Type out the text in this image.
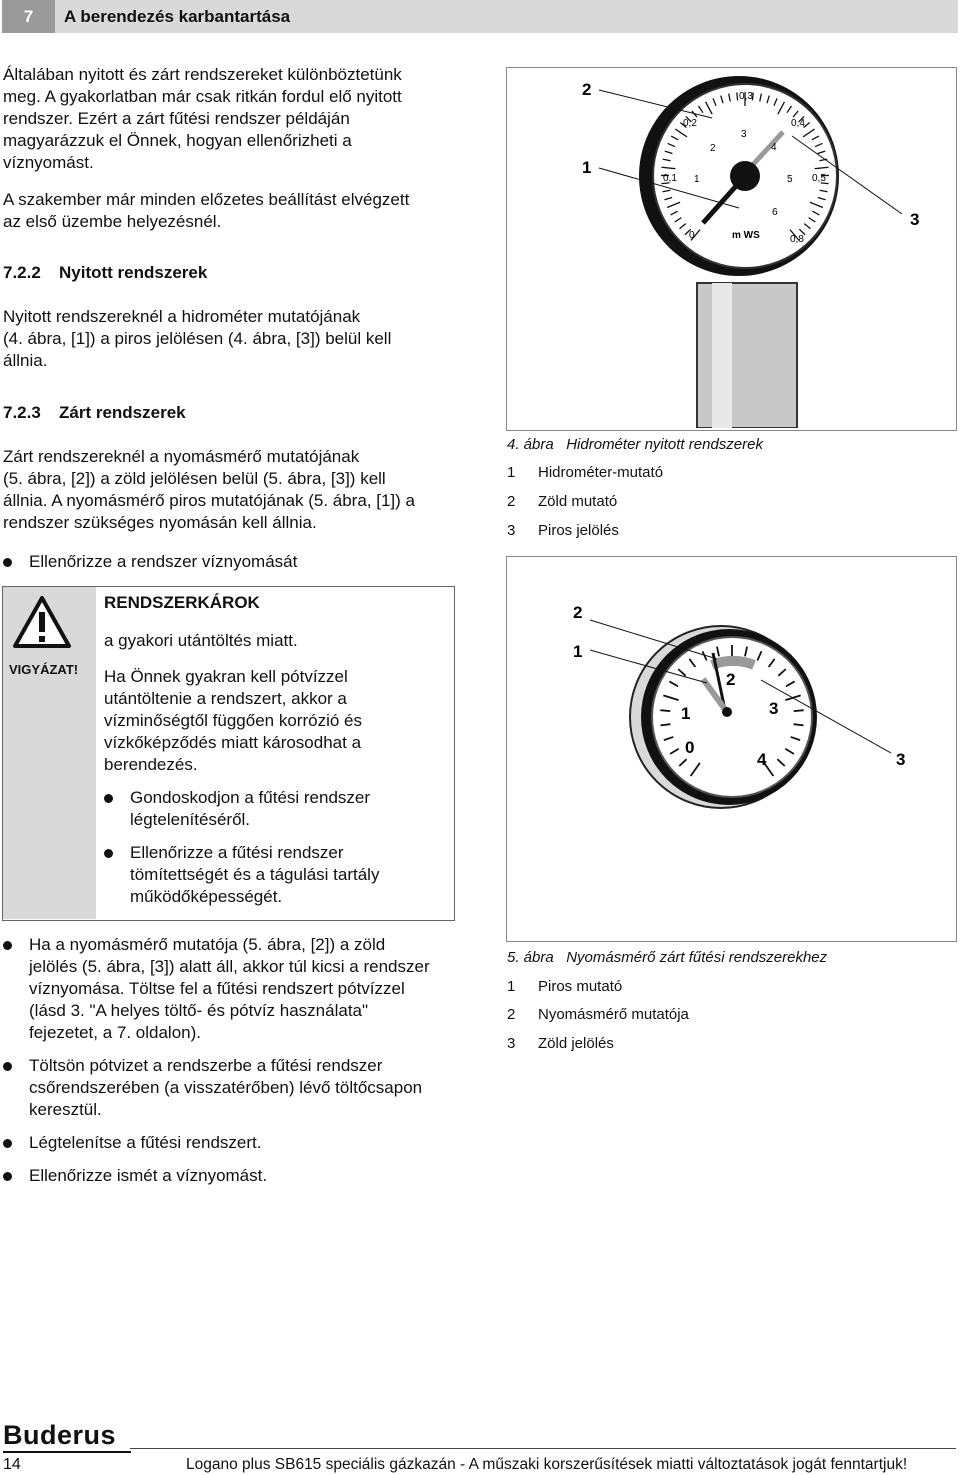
7	A berendezés karbantartása
Általában nyitott és zárt rendszereket különböztetünk
meg. A gyakorlatban már csak ritkán fordul elő nyitott
rendszer. Ezért a zárt fűtési rendszer példáján
magyarázzuk el Önnek, hogyan ellenőrizheti a
víznyomást.
A szakember már minden előzetes beállítást elvégzett
az első üzembe helyezésnél.
7.2.2 Nyitott rendszerek
Nyitott rendszereknél a hidrométer mutatójának
(4. ábra, [1]) a piros jelölésen (4. ábra, [3]) belül kell
állnia.
7.2.3 Zárt rendszerek
Zárt rendszereknél a nyomásmérő mutatójának
(5. ábra, [2]) a zöld jelölésen belül (5. ábra, [3]) kell
állnia. A nyomásmérő piros mutatójának (5. ábra, [1]) a
rendszer szükséges nyomásán kell állnia.
Ellenőrizze a rendszer víznyomását
VIGYÁZAT!
RENDSZERKÁROK
a gyakori utántöltés miatt.
Ha Önnek gyakran kell pótvízzel
utántöltenie a rendszert, akkor a
vízminőségtől függően korrózió és
vízkőképződés miatt károsodhat a
berendezés.
Gondoskodjon a fűtési rendszer
légtelenítéséről.
Ellenőrizze a fűtési rendszer
tömítettségét és a tágulási tartály
működőképességét.
Ha a nyomásmérő mutatója (5. ábra, [2]) a zöld
jelölés (5. ábra, [3]) alatt áll, akkor túl kicsi a rendszer
víznyomása. Töltse fel a fűtési rendszert pótvízzel
(lásd 3. "A helyes töltő- és pótvíz használata"
fejezetet, a 7. oldalon).
Töltsön pótvizet a rendszerbe a fűtési rendszer
csőrendszerében (a visszatérőben) lévő töltőcsapon
keresztül.
Légtelenítse a fűtési rendszert.
Ellenőrizze ismét a víznyomást.
0,2
0,3
0,4
0,1	0,5
0	0,8
1
2
3
4
5
6
m WS
2
1
3
4. ábra Hidrométer nyitott rendszerek
1 Hidrométer-mutató
2 Zöld mutató
3 Piros jelölés
0
1
2
3
4
2
1
3
5. ábra Nyomásmérő zárt fűtési rendszerekhez
1 Piros mutató
2 Nyomásmérő mutatója
3 Zöld jelölés
Buderus
14	Logano plus SB615 speciális gázkazán - A műszaki korszerűsítések miatti változtatások jogát fenntartjuk!
